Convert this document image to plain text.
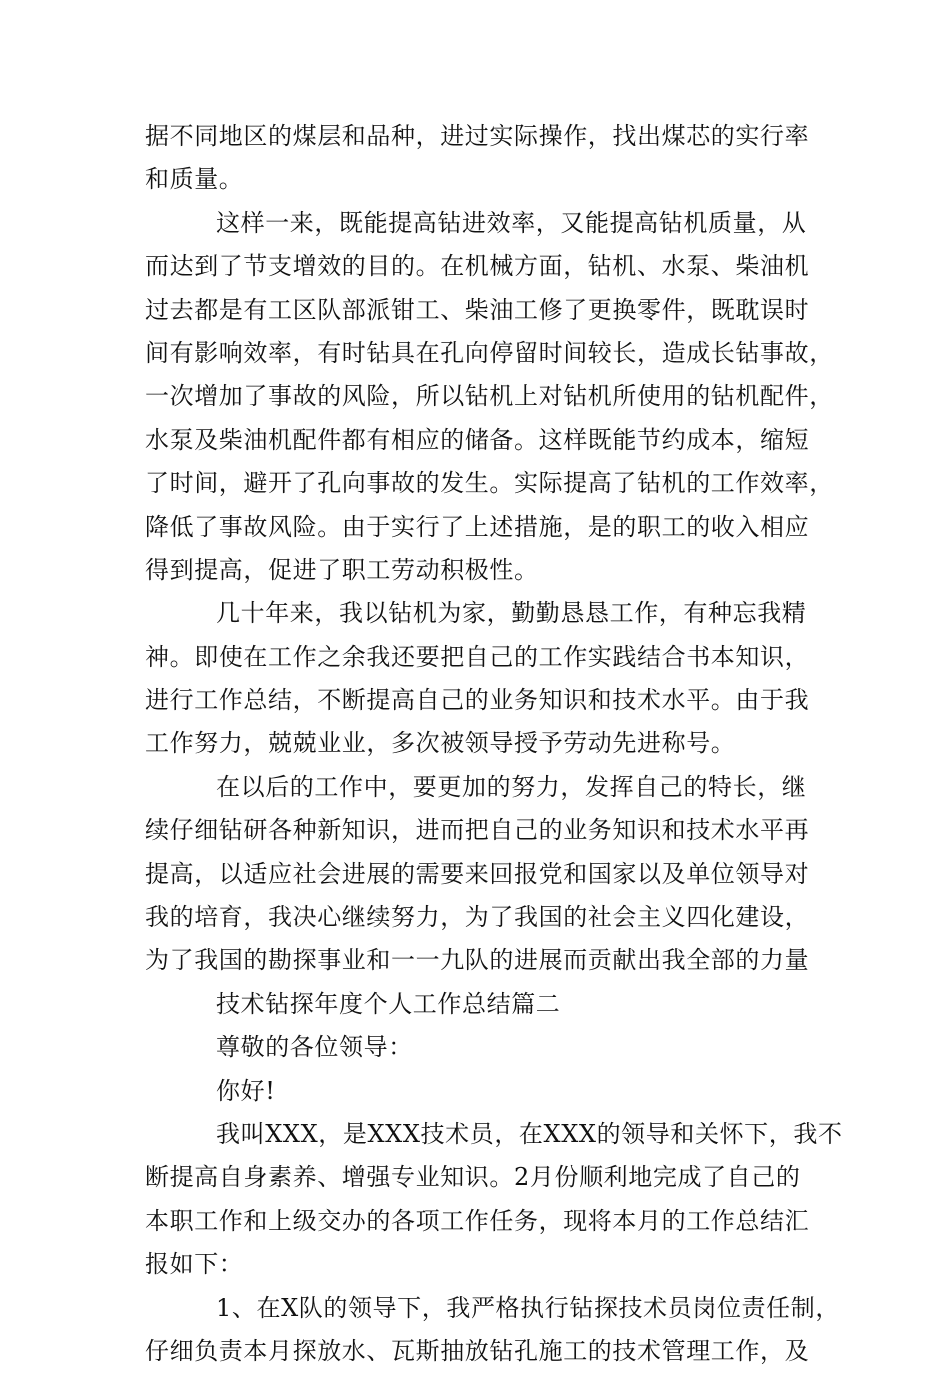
据不同地区的煤层和品种，进过实际操作，找出煤芯的实行率
和质量。
这样一来，既能提高钻进效率，又能提高钻机质量，从
而达到了节支增效的目的。在机械方面，钻机、水泵、柴油机
过去都是有工区队部派钳工、柴油工修了更换零件，既耽误时
间有影响效率，有时钻具在孔向停留时间较长，造成长钻事故，
一次增加了事故的风险，所以钻机上对钻机所使用的钻机配件，
水泵及柴油机配件都有相应的储备。这样既能节约成本，缩短
了时间，避开了孔向事故的发生。实际提高了钻机的工作效率，
降低了事故风险。由于实行了上述措施，是的职工的收入相应
得到提高，促进了职工劳动积极性。
几十年来，我以钻机为家，勤勤恳恳工作，有种忘我精
神。即使在工作之余我还要把自己的工作实践结合书本知识，
进行工作总结，不断提高自己的业务知识和技术水平。由于我
工作努力，兢兢业业，多次被领导授予劳动先进称号。
在以后的工作中，要更加的努力，发挥自己的特长，继
续仔细钻研各种新知识，进而把自己的业务知识和技术水平再
提高，以适应社会进展的需要来回报党和国家以及单位领导对
我的培育，我决心继续努力，为了我国的社会主义四化建设，
为了我国的勘探事业和一一九队的进展而贡献出我全部的力量
技术钻探年度个人工作总结篇二
尊敬的各位领导：
你好!
我叫XXX，是XXX技术员，在XXX的领导和关怀下，我不
断提高自身素养、增强专业知识。2月份顺利地完成了自己的
本职工作和上级交办的各项工作任务，现将本月的工作总结汇
报如下：
1、在X队的领导下，我严格执行钻探技术员岗位责任制，
仔细负责本月探放水、瓦斯抽放钻孔施工的技术管理工作，及
